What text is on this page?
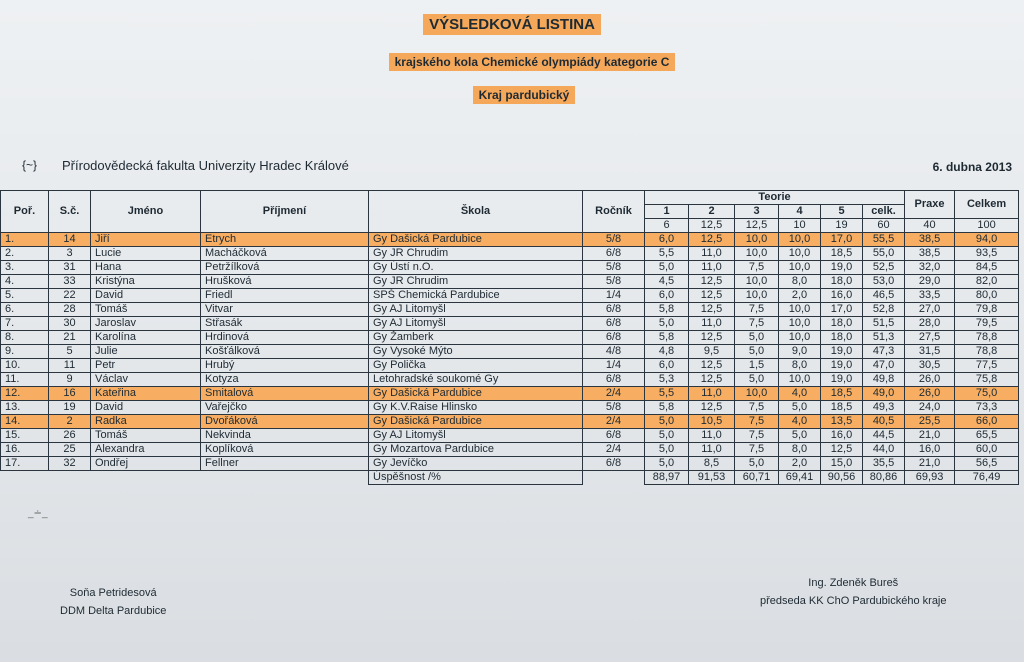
VÝSLEDKOVÁ LISTINA
krajského kola Chemické olympiády kategorie C
Kraj pardubický
{~} Přírodovědecká fakulta Univerzity Hradec Králové	6. dubna 2013
Poř.	S.č.	Jméno	Příjmení	Škola	Ročník	Teorie						Praxe	Celkem
						1	2	3	4	5	celk.		
						6	12,5	12,5	10	19	60	40	100
1.	14	Jiří	Etrych	Gy Dašická Pardubice	5/8	6,0	12,5	10,0	10,0	17,0	55,5	38,5	94,0
2.	3	Lucie	Macháčková	Gy JR Chrudim	6/8	5,5	11,0	10,0	10,0	18,5	55,0	38,5	93,5
3.	31	Hana	Petržílková	Gy Ústí n.O.	5/8	5,0	11,0	7,5	10,0	19,0	52,5	32,0	84,5
4.	33	Kristýna	Hrušková	Gy JR Chrudim	5/8	4,5	12,5	10,0	8,0	18,0	53,0	29,0	82,0
5.	22	David	Friedl	SPŠ Chemická Pardubice	1/4	6,0	12,5	10,0	2,0	16,0	46,5	33,5	80,0
6.	28	Tomáš	Vitvar	Gy AJ Litomyšl	6/8	5,8	12,5	7,5	10,0	17,0	52,8	27,0	79,8
7.	30	Jaroslav	Střasák	Gy AJ Litomyšl	6/8	5,0	11,0	7,5	10,0	18,0	51,5	28,0	79,5
8.	21	Karolína	Hrdinová	Gy Žamberk	6/8	5,8	12,5	5,0	10,0	18,0	51,3	27,5	78,8
9.	5	Julie	Košťálková	Gy Vysoké Mýto	4/8	4,8	9,5	5,0	9,0	19,0	47,3	31,5	78,8
10.	11	Petr	Hrubý	Gy Polička	1/4	6,0	12,5	1,5	8,0	19,0	47,0	30,5	77,5
11.	9	Václav	Kotyza	Letohradské soukomé Gy	6/8	5,3	12,5	5,0	10,0	19,0	49,8	26,0	75,8
12.	16	Kateřina	Smitalová	Gy Dašická Pardubice	2/4	5,5	11,0	10,0	4,0	18,5	49,0	26,0	75,0
13.	19	David	Vařejčko	Gy K.V.Raise Hlinsko	5/8	5,8	12,5	7,5	5,0	18,5	49,3	24,0	73,3
14.	2	Radka	Dvořáková	Gy Dašická Pardubice	2/4	5,0	10,5	7,5	4,0	13,5	40,5	25,5	66,0
15.	26	Tomáš	Nekvinda	Gy AJ Litomyšl	6/8	5,0	11,0	7,5	5,0	16,0	44,5	21,0	65,5
16.	25	Alexandra	Koplíková	Gy Mozartova Pardubice	2/4	5,0	11,0	7,5	8,0	12,5	44,0	16,0	60,0
17.	32	Ondřej	Fellner	Gy Jevíčko	6/8	5,0	8,5	5,0	2,0	15,0	35,5	21,0	56,5
				Úspěšnost /%		88,97	91,53	60,71	69,41	90,56	80,86	69,93	76,49
_∸_
Soňa Petridesová
DDM Delta Pardubice
Ing. Zdeněk Bureš
předseda KK ChO Pardubického kraje
